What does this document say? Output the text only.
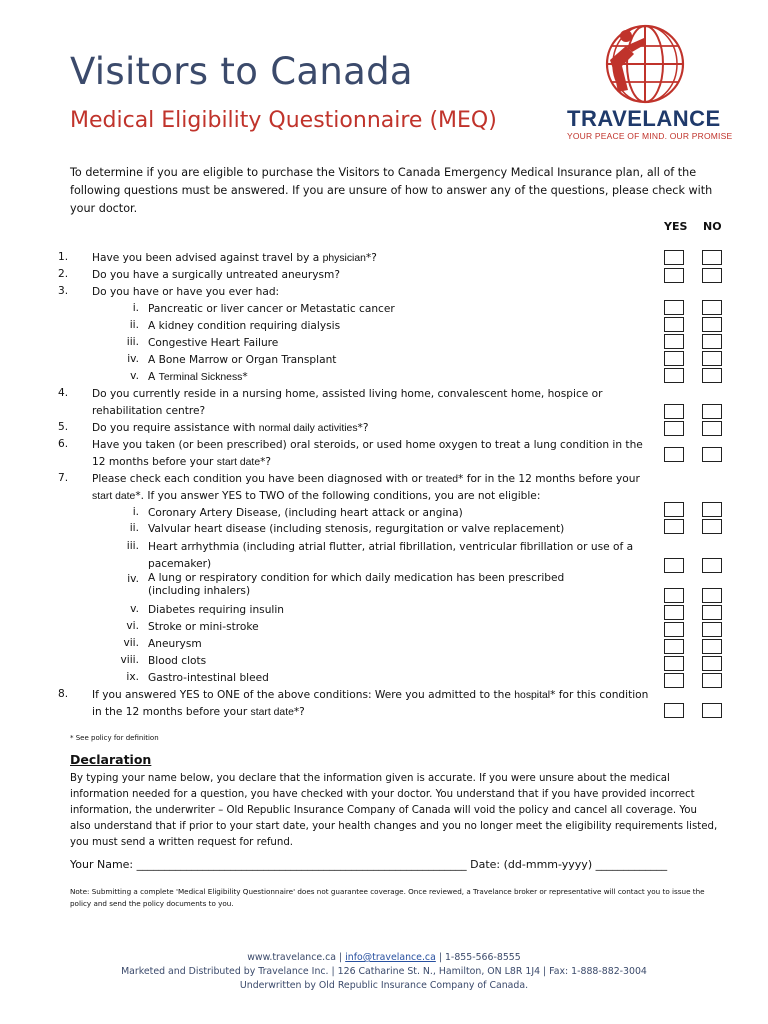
Visitors to Canada
Medical Eligibility Questionnaire (MEQ)	TRAVELANCE
YOUR PEACE OF MIND. OUR PROMISE
To determine if you are eligible to purchase the Visitors to Canada Emergency Medical Insurance plan, all of the following questions must be answered. If you are unsure of how to answer any of the questions, please check with your doctor.
YES NO
1. Have you been advised against travel by a physician*?
2. Do you have a surgically untreated aneurysm?
3. Do you have or have you ever had:
i. Pancreatic or liver cancer or Metastatic cancer
ii. A kidney condition requiring dialysis
iii. Congestive Heart Failure
iv. A Bone Marrow or Organ Transplant
v. A Terminal Sickness*
4. Do you currently reside in a nursing home, assisted living home, convalescent home, hospice or rehabilitation centre?
5. Do you require assistance with normal daily activities*?
6. Have you taken (or been prescribed) oral steroids, or used home oxygen to treat a lung condition in the 12 months before your start date*?
7. Please check each condition you have been diagnosed with or treated* for in the 12 months before your start date*. If you answer YES to TWO of the following conditions, you are not eligible:
i. Coronary Artery Disease, (including heart attack or angina)
ii. Valvular heart disease (including stenosis, regurgitation or valve replacement)
iii. Heart arrhythmia (including atrial flutter, atrial fibrillation, ventricular fibrillation or use of a pacemaker)
iv. A lung or respiratory condition for which daily medication has been prescribed (including inhalers)
v. Diabetes requiring insulin
vi. Stroke or mini-stroke
vii. Aneurysm
viii. Blood clots
ix. Gastro-intestinal bleed
8. If you answered YES to ONE of the above conditions: Were you admitted to the hospital* for this condition in the 12 months before your start date*?
* See policy for definition
Declaration
By typing your name below, you declare that the information given is accurate. If you were unsure about the medical information needed for a question, you have checked with your doctor. You understand that if you have provided incorrect information, the underwriter – Old Republic Insurance Company of Canada will void the policy and cancel all coverage. You also understand that if prior to your start date, your health changes and you no longer meet the eligibility requirements listed, you must send a written request for refund.
Your Name: ____________________________________________________________ Date: (dd-mmm-yyyy) _____________
Note: Submitting a complete 'Medical Eligibility Questionnaire' does not guarantee coverage. Once reviewed, a Travelance broker or representative will contact you to issue the policy and send the policy documents to you.
www.travelance.ca | info@travelance.ca | 1-855-566-8555
Marketed and Distributed by Travelance Inc. | 126 Catharine St. N., Hamilton, ON L8R 1J4 | Fax: 1-888-882-3004
Underwritten by Old Republic Insurance Company of Canada.
